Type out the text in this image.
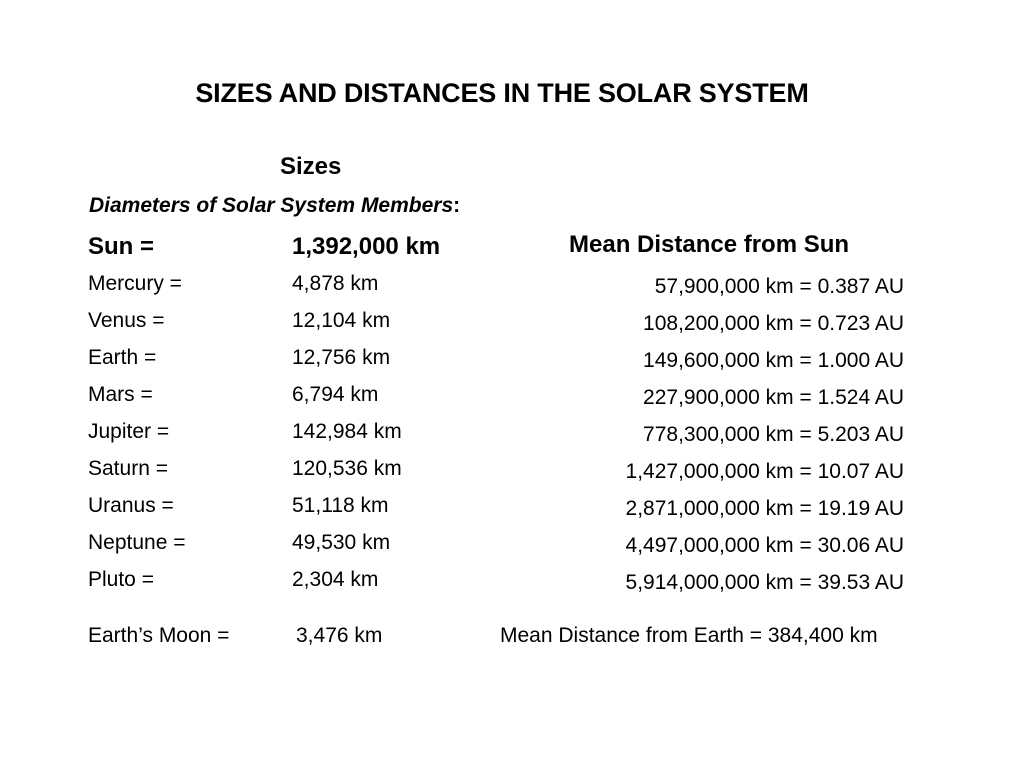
SIZES AND DISTANCES IN THE SOLAR SYSTEM
Sizes
Diameters of Solar System Members:
Sun =	1,392,000 km	Mean Distance from Sun
Mercury =	4,878 km	57,900,000 km = 0.387 AU
Venus =	12,104 km	108,200,000 km = 0.723 AU
Earth =	12,756 km	149,600,000 km = 1.000 AU
Mars =	6,794 km	227,900,000 km = 1.524 AU
Jupiter =	142,984 km	778,300,000 km = 5.203 AU
Saturn =	120,536 km	1,427,000,000 km = 10.07 AU
Uranus =	51,118 km	2,871,000,000 km = 19.19 AU
Neptune =	49,530 km	4,497,000,000 km = 30.06 AU
Pluto =	2,304 km	5,914,000,000 km = 39.53 AU
Earth’s Moon =	3,476 km	Mean Distance from Earth = 384,400 km
